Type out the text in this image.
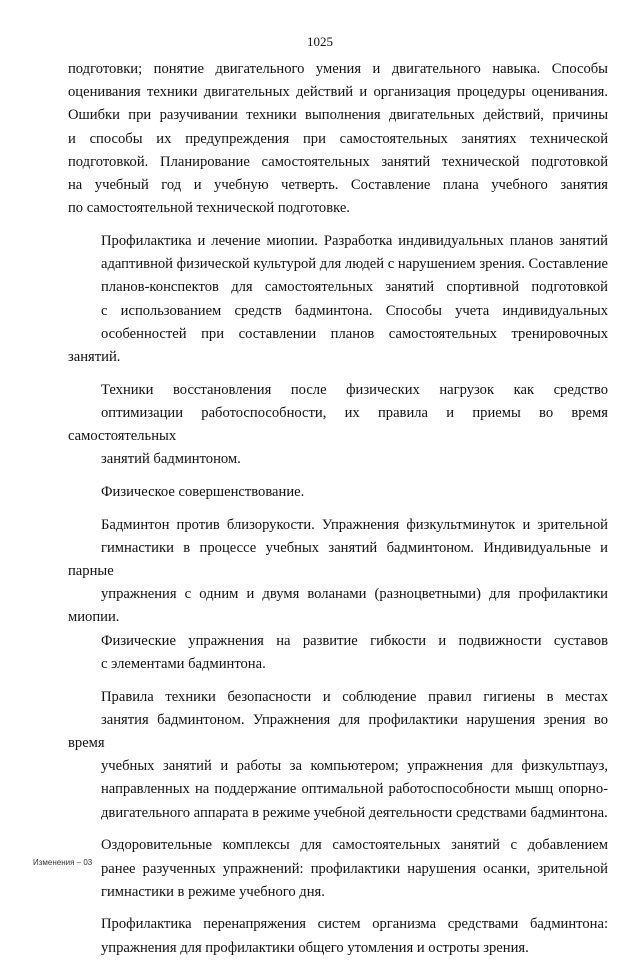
1025

подготовки; понятие двигательного умения и двигательного навыка. Способы
оценивания техники двигательных действий и организация процедуры оценивания.
Ошибки при разучивании техники выполнения двигательных действий, причины
и способы их предупреждения при самостоятельных занятиях технической
подготовкой. Планирование самостоятельных занятий технической подготовкой
на учебный год и учебную четверть. Составление плана учебного занятия
по самостоятельной технической подготовке.

Профилактика и лечение миопии. Разработка индивидуальных планов занятий
адаптивной физической культурой для людей с нарушением зрения. Составление
планов-конспектов для самостоятельных занятий спортивной подготовкой
с использованием средств бадминтона. Способы учета индивидуальных
особенностей при составлении планов самостоятельных тренировочных занятий.

Техники восстановления после физических нагрузок как средство
оптимизации работоспособности, их правила и приемы во время самостоятельных
занятий бадминтоном.

Физическое совершенствование.

Бадминтон против близорукости. Упражнения физкультминуток и зрительной
гимнастики в процессе учебных занятий бадминтоном. Индивидуальные и парные
упражнения с одним и двумя воланами (разноцветными) для профилактики миопии.
Физические упражнения на развитие гибкости и подвижности суставов
с элементами бадминтона.

Правила техники безопасности и соблюдение правил гигиены в местах
занятия бадминтоном. Упражнения для профилактики нарушения зрения во время
учебных занятий и работы за компьютером; упражнения для физкультпауз,
направленных на поддержание оптимальной работоспособности мышц опорно-
двигательного аппарата в режиме учебной деятельности средствами бадминтона.

Оздоровительные комплексы для самостоятельных занятий с добавлением
ранее разученных упражнений: профилактики нарушения осанки, зрительной
гимнастики в режиме учебного дня.

Профилактика перенапряжения систем организма средствами бадминтона:
упражнения для профилактики общего утомления и остроты зрения.

Изменения – 03
